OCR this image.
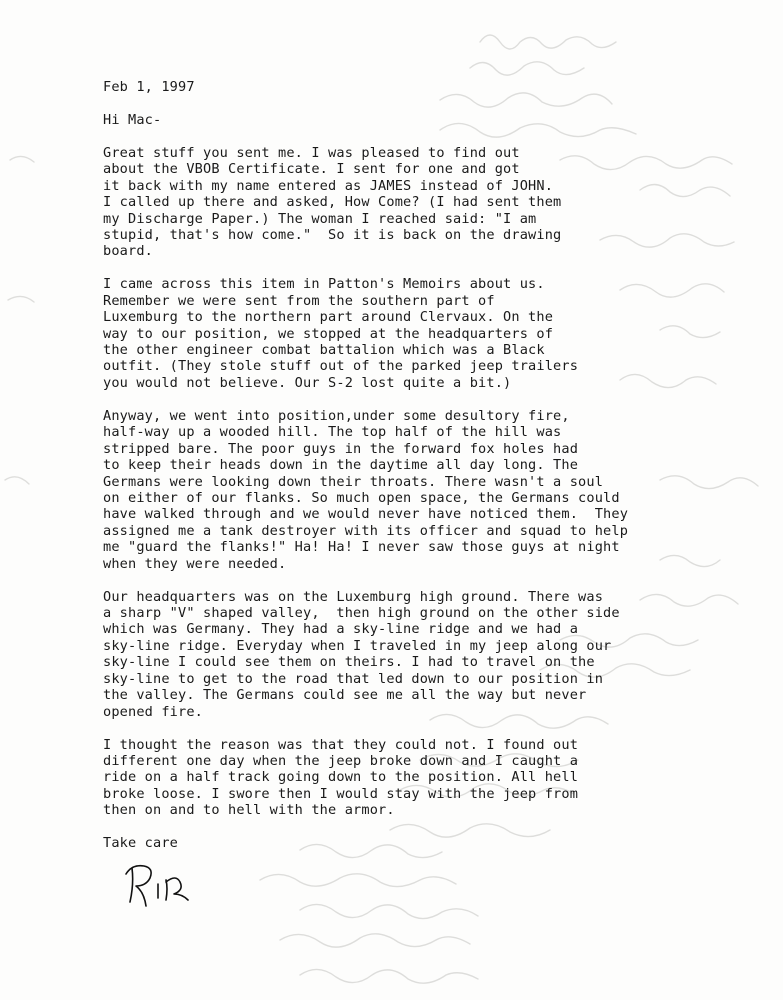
Feb 1, 1997
Hi Mac-
Great stuff you sent me. I was pleased to find out
about the VBOB Certificate. I sent for one and got
it back with my name entered as JAMES instead of JOHN.
I called up there and asked, How Come? (I had sent them
my Discharge Paper.) The woman I reached said: "I am
stupid, that's how come."  So it is back on the drawing
board.
I came across this item in Patton's Memoirs about us.
Remember we were sent from the southern part of
Luxemburg to the northern part around Clervaux. On the
way to our position, we stopped at the headquarters of
the other engineer combat battalion which was a Black
outfit. (They stole stuff out of the parked jeep trailers
you would not believe. Our S-2 lost quite a bit.)
Anyway, we went into position,under some desultory fire,
half-way up a wooded hill. The top half of the hill was
stripped bare. The poor guys in the forward fox holes had
to keep their heads down in the daytime all day long. The
Germans were looking down their throats. There wasn't a soul
on either of our flanks. So much open space, the Germans could
have walked through and we would never have noticed them.  They
assigned me a tank destroyer with its officer and squad to help
me "guard the flanks!" Ha! Ha! I never saw those guys at night
when they were needed.
Our headquarters was on the Luxemburg high ground. There was
a sharp "V" shaped valley,  then high ground on the other side
which was Germany. They had a sky-line ridge and we had a
sky-line ridge. Everyday when I traveled in my jeep along our
sky-line I could see them on theirs. I had to travel on the
sky-line to get to the road that led down to our position in
the valley. The Germans could see me all the way but never
opened fire.
I thought the reason was that they could not. I found out
different one day when the jeep broke down and I caught a
ride on a half track going down to the position. All hell
broke loose. I swore then I would stay with the jeep from
then on and to hell with the armor.
Take care
